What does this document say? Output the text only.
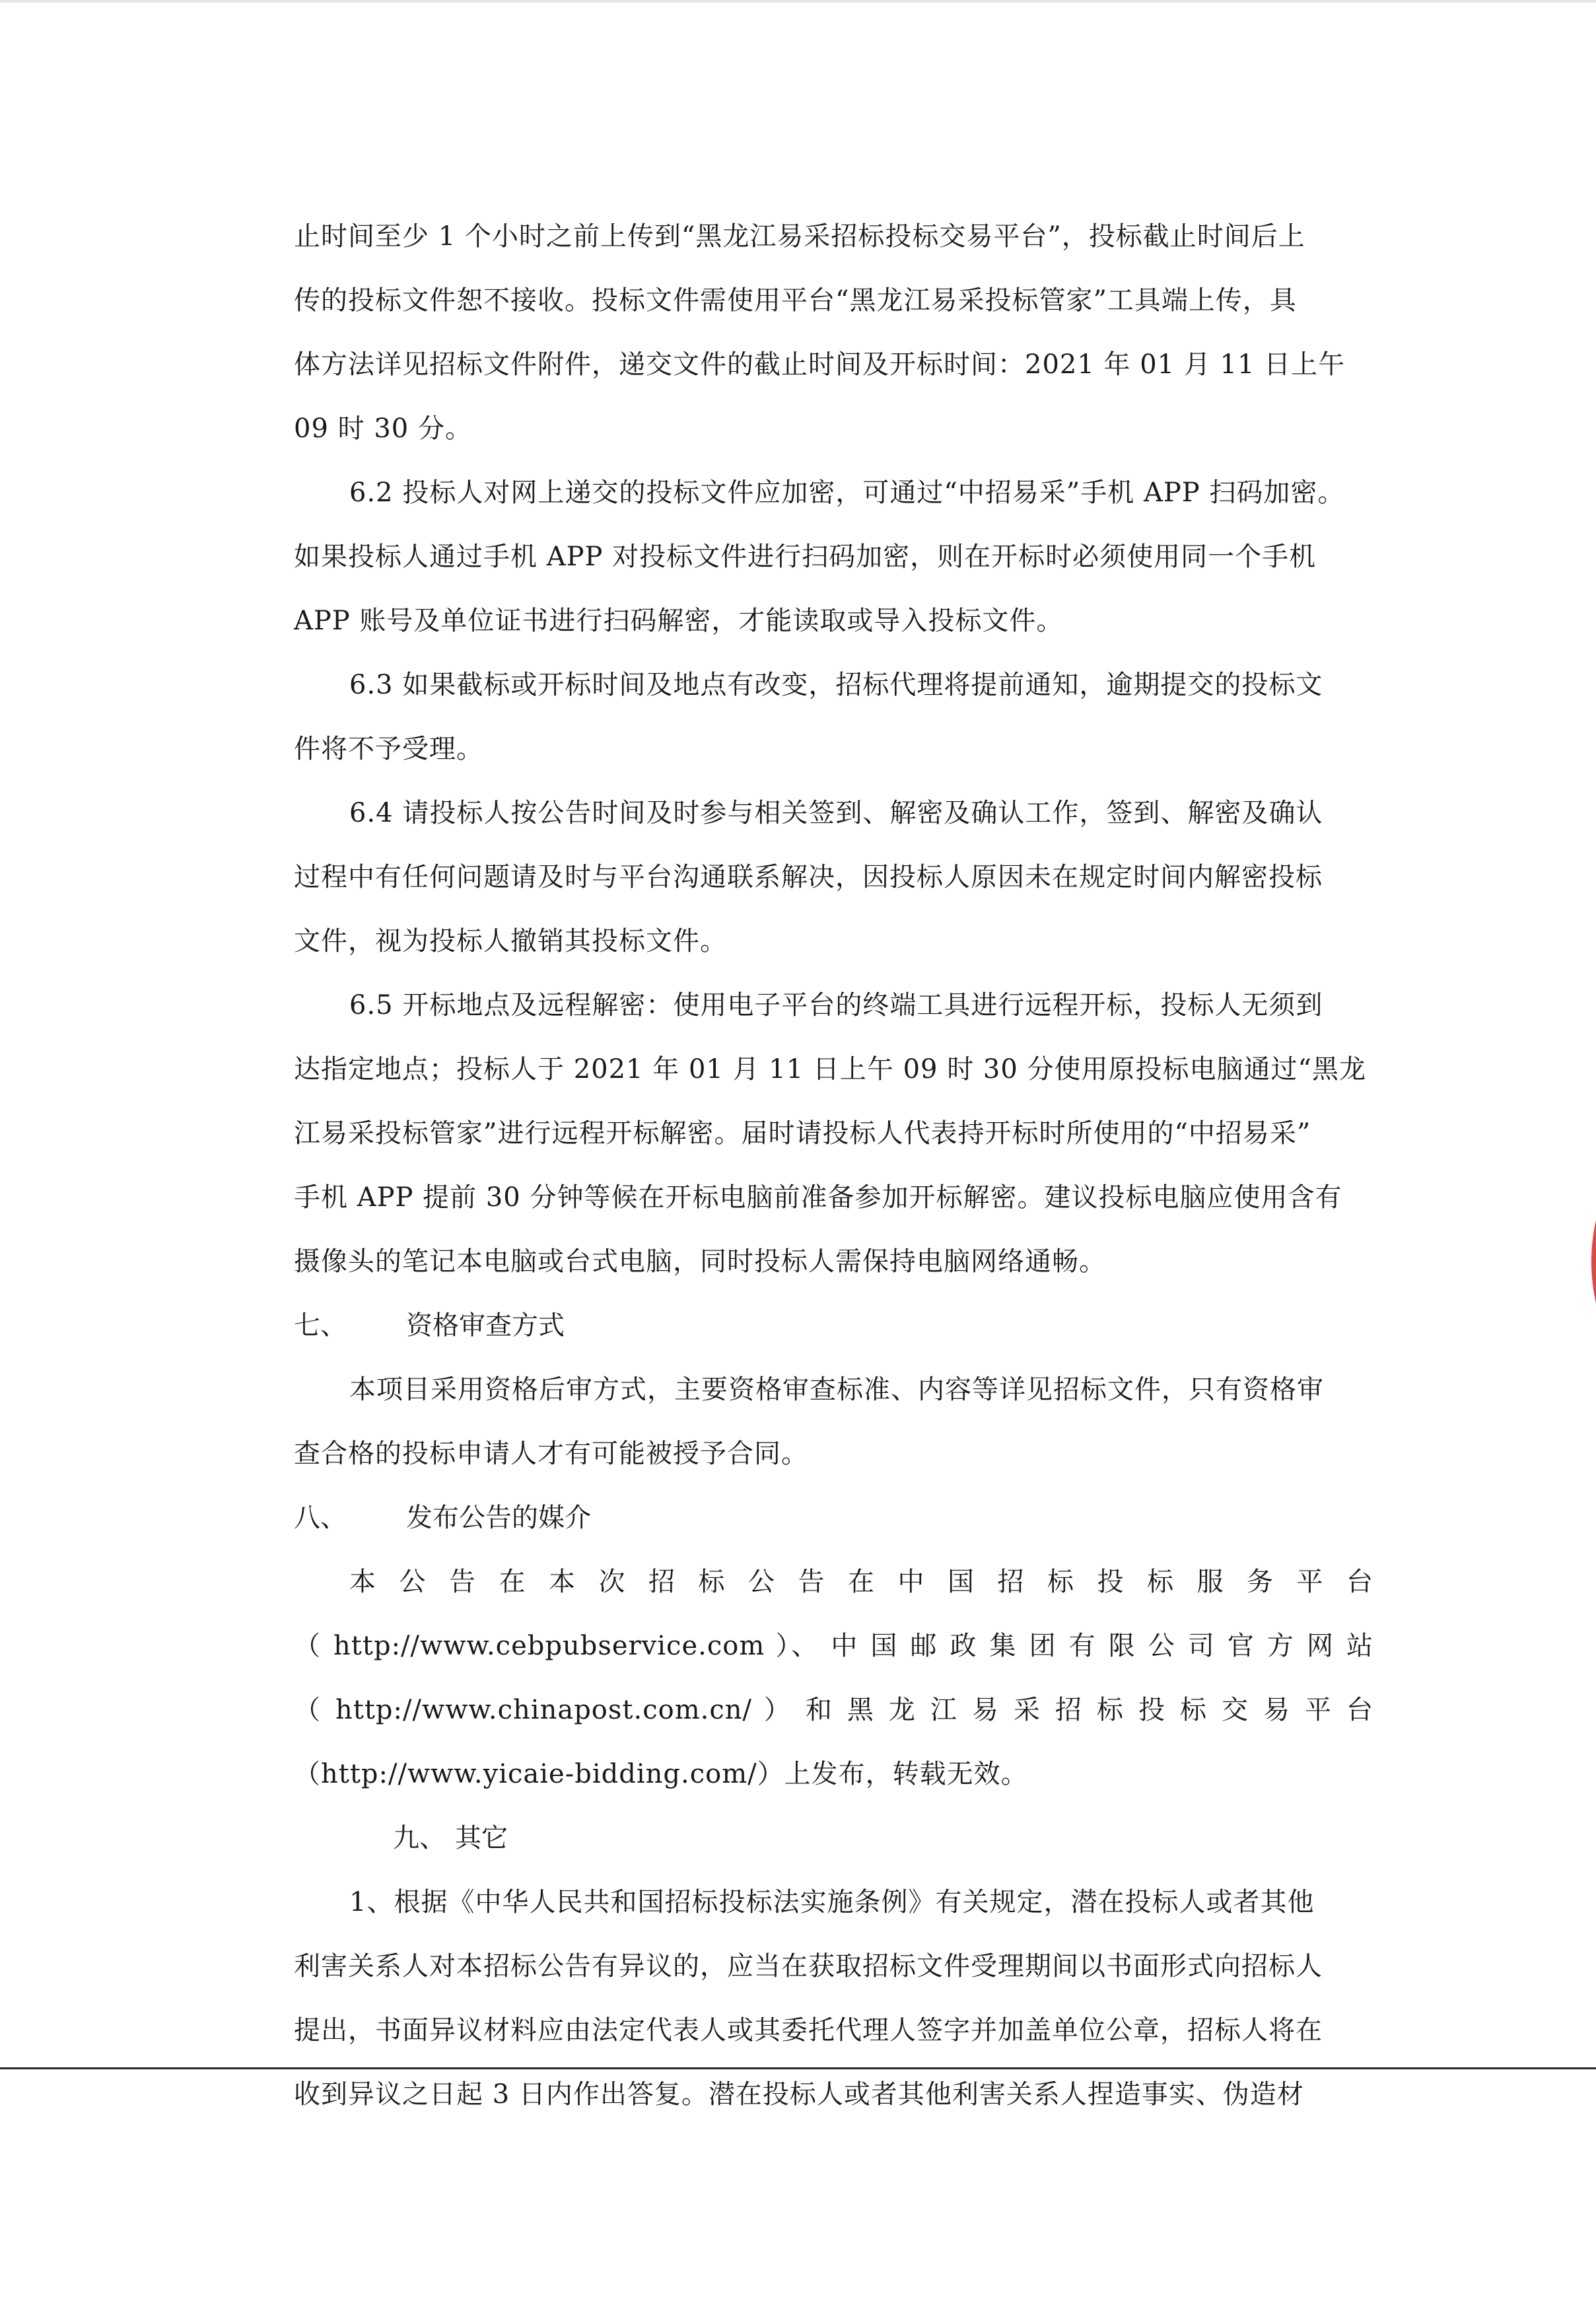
止时间至少 1 个小时之前上传到“黑龙江易采招标投标交易平台”，投标截止时间后上
传的投标文件恕不接收。投标文件需使用平台“黑龙江易采投标管家”工具端上传，具
体方法详见招标文件附件，递交文件的截止时间及开标时间：2021 年 01 月 11 日上午
09 时 30 分。

6.2 投标人对网上递交的投标文件应加密，可通过“中招易采”手机 APP 扫码加密。
如果投标人通过手机 APP 对投标文件进行扫码加密，则在开标时必须使用同一个手机
APP 账号及单位证书进行扫码解密，才能读取或导入投标文件。

6.3 如果截标或开标时间及地点有改变，招标代理将提前通知，逾期提交的投标文
件将不予受理。

6.4 请投标人按公告时间及时参与相关签到、解密及确认工作，签到、解密及确认
过程中有任何问题请及时与平台沟通联系解决，因投标人原因未在规定时间内解密投标
文件，视为投标人撤销其投标文件。

6.5 开标地点及远程解密：使用电子平台的终端工具进行远程开标，投标人无须到
达指定地点；投标人于 2021 年 01 月 11 日上午 09 时 30 分使用原投标电脑通过“黑龙
江易采投标管家”进行远程开标解密。届时请投标人代表持开标时所使用的“中招易采”
手机 APP 提前 30 分钟等候在开标电脑前准备参加开标解密。建议投标电脑应使用含有
摄像头的笔记本电脑或台式电脑，同时投标人需保持电脑网络通畅。

七、 资格审查方式

本项目采用资格后审方式，主要资格审查标准、内容等详见招标文件，只有资格审
查合格的投标申请人才有可能被授予合同。

八、 发布公告的媒介

本 公 告 在 本 次 招 标 公 告 在 中 国 招 标 投 标 服 务 平 台

（ http://www.cebpubservice.com ）、 中 国 邮 政 集 团 有 限 公 司 官 方 网 站

（ http://www.chinapost.com.cn/ ） 和 黑 龙 江 易 采 招 标 投 标 交 易 平 台

（http://www.yicaie-bidding.com/）上发布，转载无效。

九、 其它

1、根据《中华人民共和国招标投标法实施条例》有关规定，潜在投标人或者其他
利害关系人对本招标公告有异议的，应当在获取招标文件受理期间以书面形式向招标人
提出，书面异议材料应由法定代表人或其委托代理人签字并加盖单位公章，招标人将在
收到异议之日起 3 日内作出答复。潜在投标人或者其他利害关系人捏造事实、伪造材
